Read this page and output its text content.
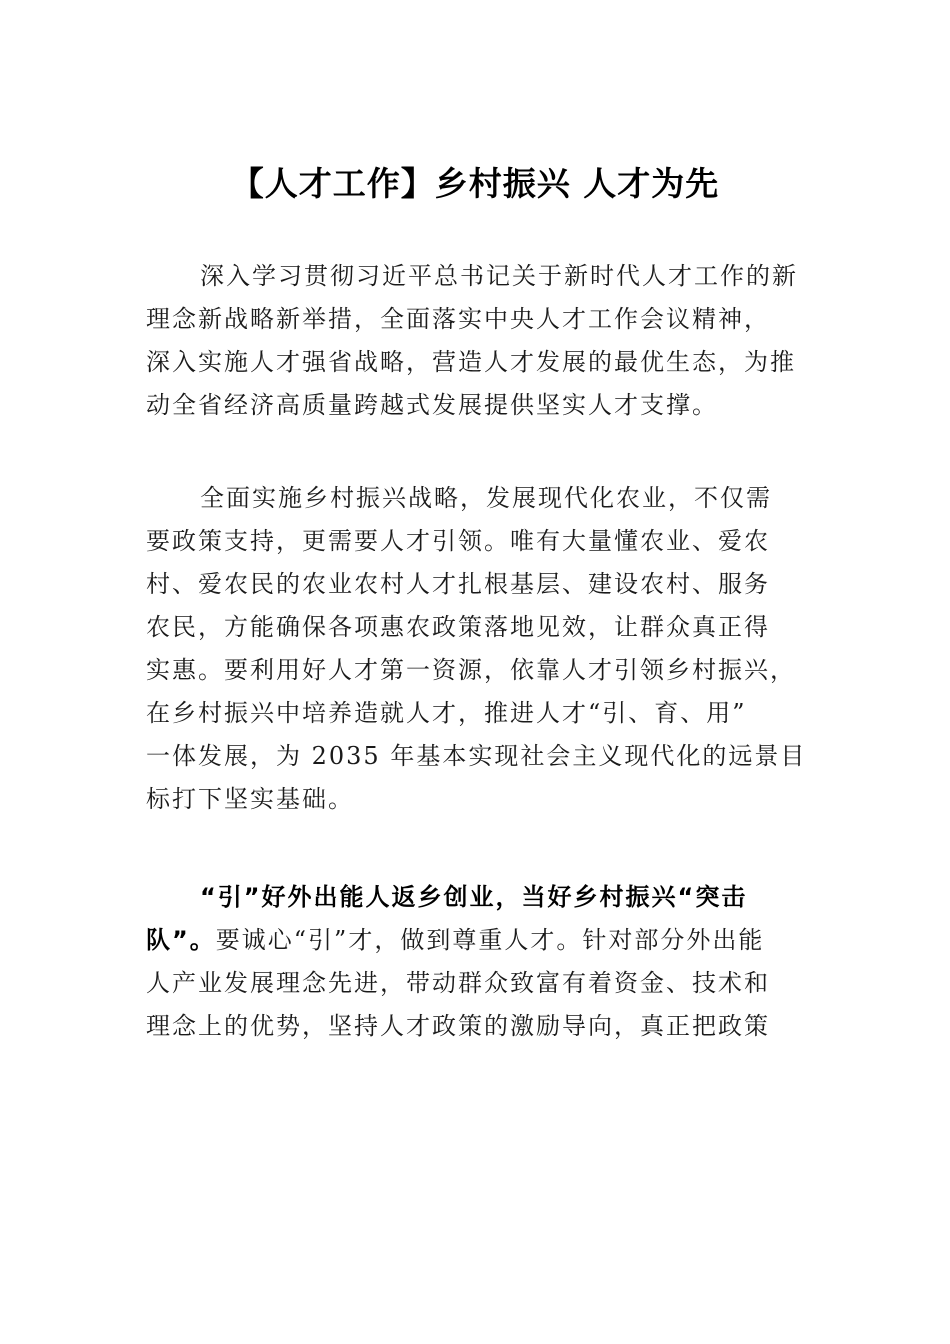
【人才工作】乡村振兴 人才为先
深入学习贯彻习近平总书记关于新时代人才工作的新
理念新战略新举措，全面落实中央人才工作会议精神，
深入实施人才强省战略，营造人才发展的最优生态，为推
动全省经济高质量跨越式发展提供坚实人才支撑。
全面实施乡村振兴战略，发展现代化农业，不仅需
要政策支持，更需要人才引领。唯有大量懂农业、爱农
村、爱农民的农业农村人才扎根基层、建设农村、服务
农民，方能确保各项惠农政策落地见效，让群众真正得
实惠。要利用好人才第一资源，依靠人才引领乡村振兴，
在乡村振兴中培养造就人才，推进人才“引、育、用”
一体发展，为 2035 年基本实现社会主义现代化的远景目
标打下坚实基础。
“引”好外出能人返乡创业，当好乡村振兴“突击
队”。要诚心“引”才，做到尊重人才。针对部分外出能
人产业发展理念先进，带动群众致富有着资金、技术和
理念上的优势，坚持人才政策的激励导向，真正把政策
